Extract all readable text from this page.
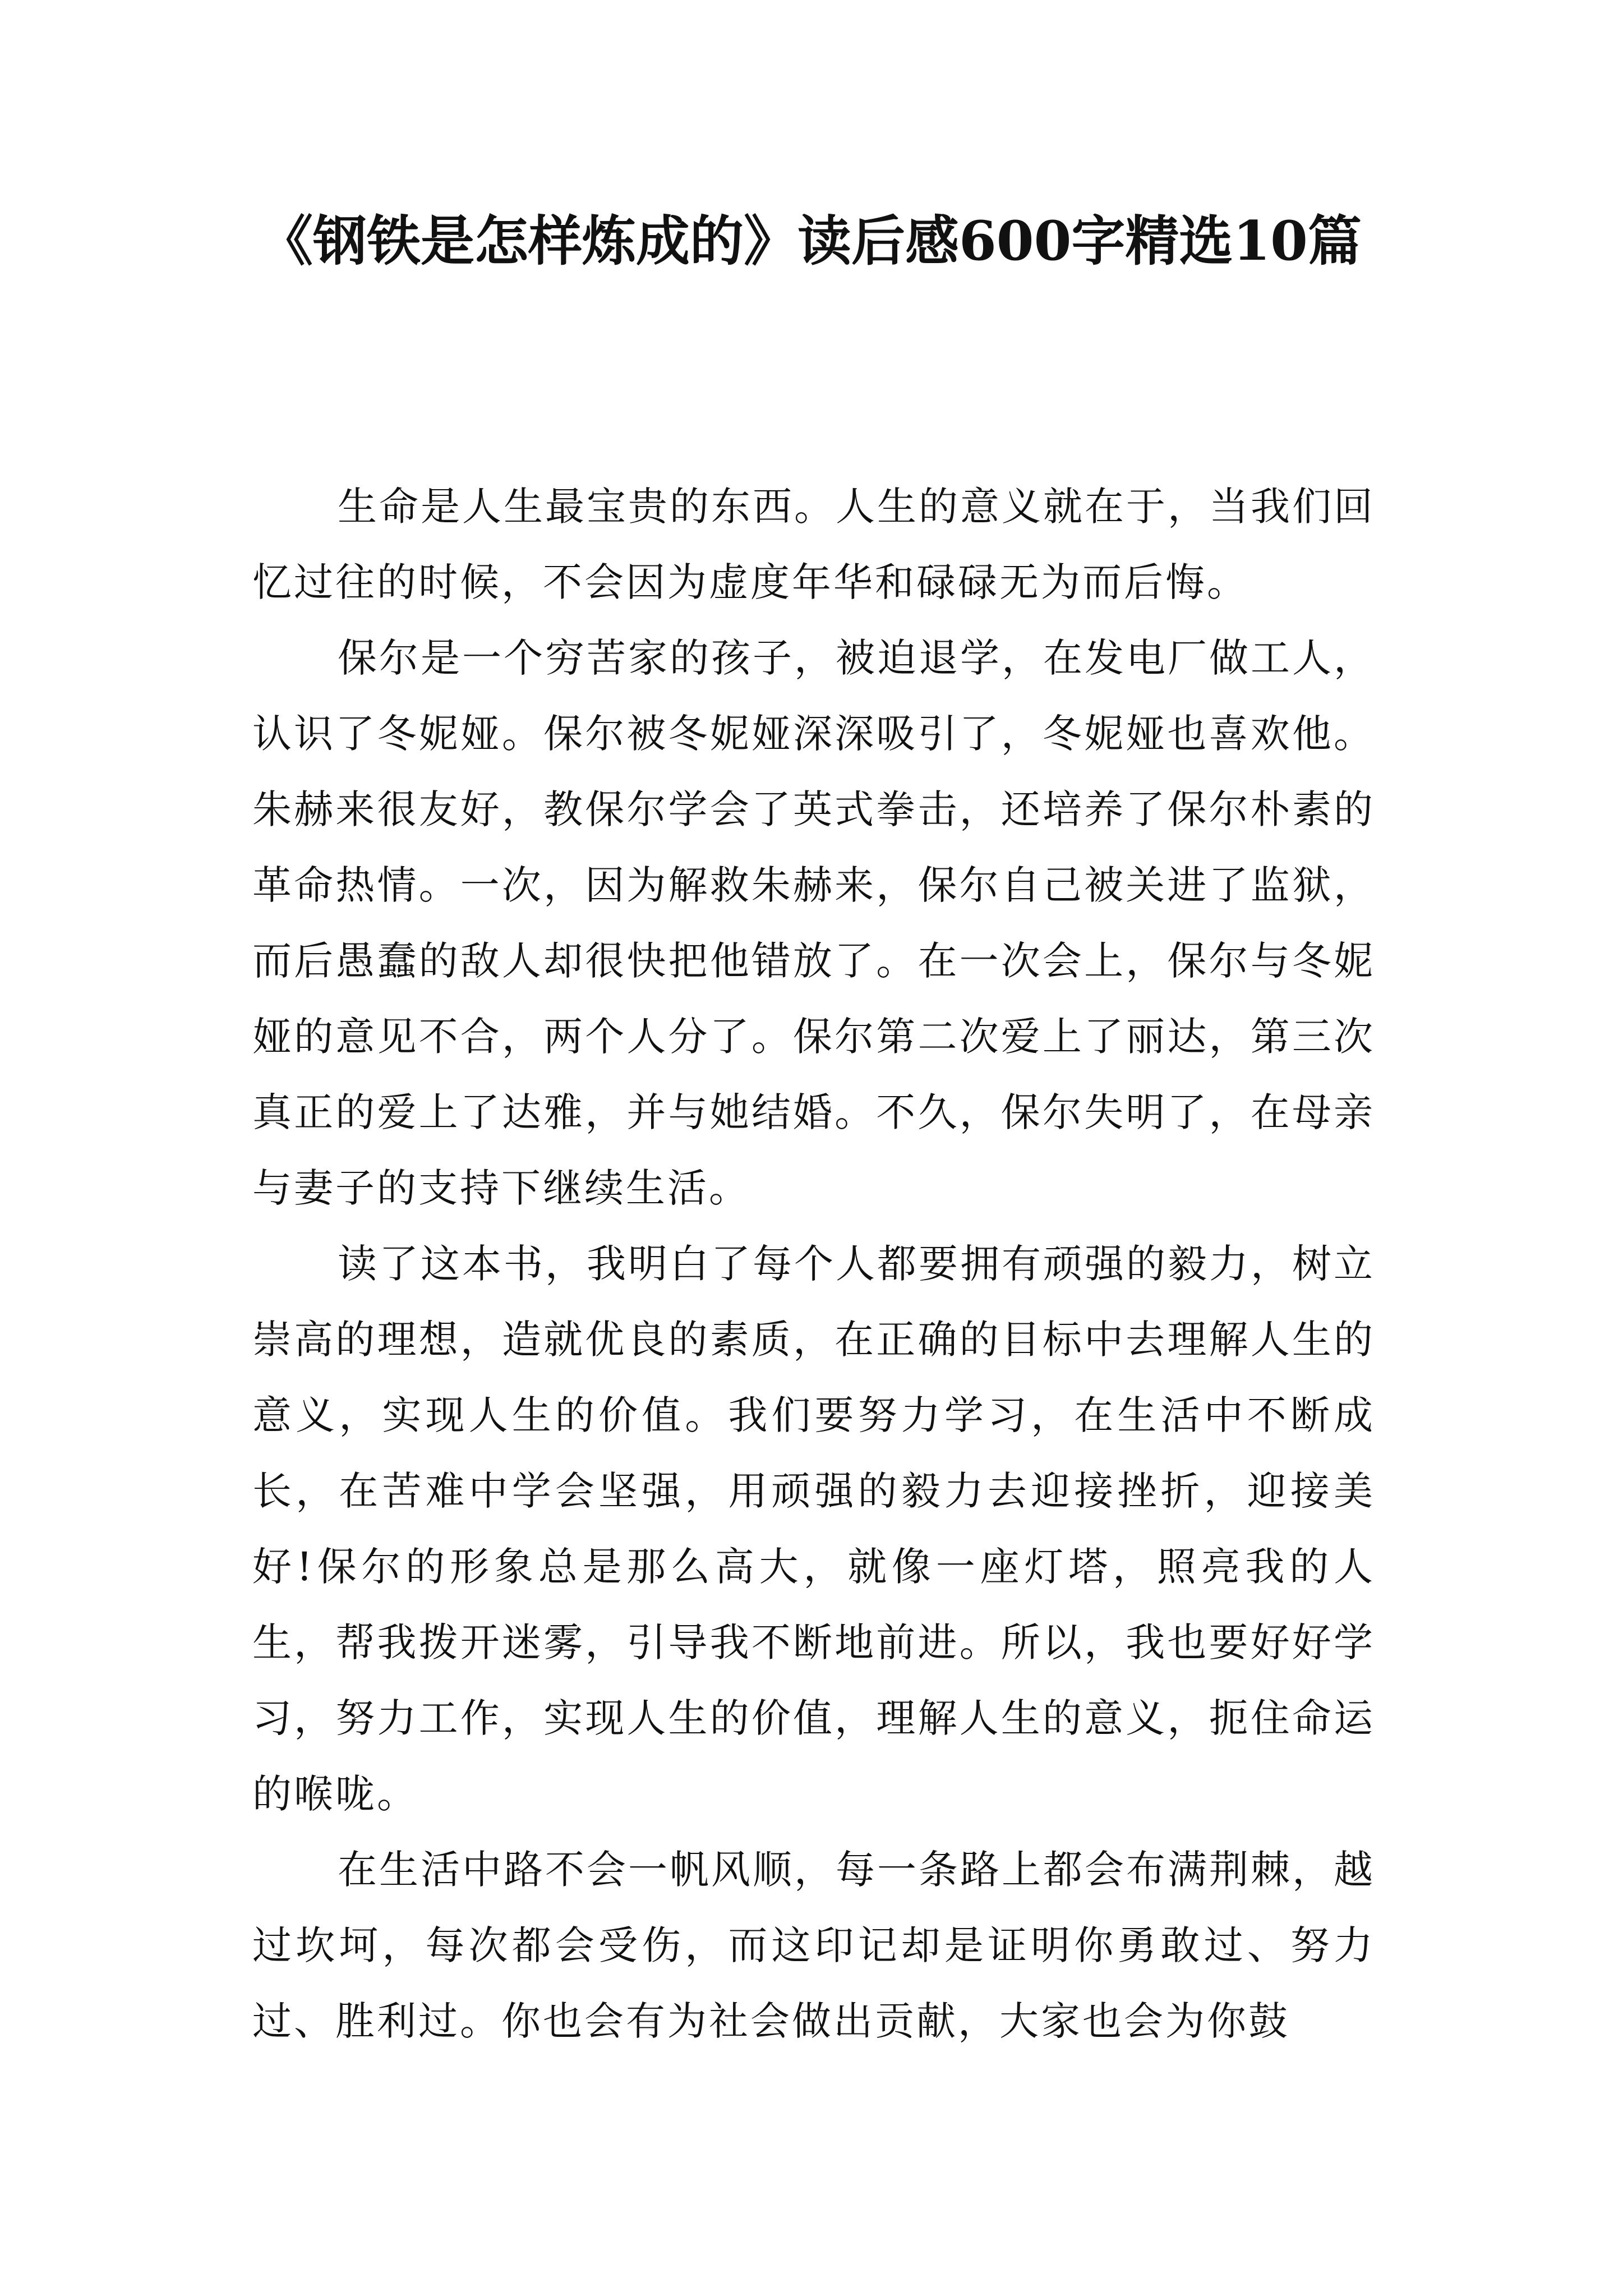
《钢铁是怎样炼成的》读后感600字精选10篇

生命是人生最宝贵的东西。人生的意义就在于，当我们回忆过往的时候，不会因为虚度年华和碌碌无为而后悔。

保尔是一个穷苦家的孩子，被迫退学，在发电厂做工人，认识了冬妮娅。保尔被冬妮娅深深吸引了，冬妮娅也喜欢他。朱赫来很友好，教保尔学会了英式拳击，还培养了保尔朴素的革命热情。一次，因为解救朱赫来，保尔自己被关进了监狱，而后愚蠢的敌人却很快把他错放了。在一次会上，保尔与冬妮娅的意见不合，两个人分了。保尔第二次爱上了丽达，第三次真正的爱上了达雅，并与她结婚。不久，保尔失明了，在母亲与妻子的支持下继续生活。

读了这本书，我明白了每个人都要拥有顽强的毅力，树立崇高的理想，造就优良的素质，在正确的目标中去理解人生的意义，实现人生的价值。我们要努力学习，在生活中不断成长，在苦难中学会坚强，用顽强的毅力去迎接挫折，迎接美好!保尔的形象总是那么高大，就像一座灯塔，照亮我的人生，帮我拨开迷雾，引导我不断地前进。所以，我也要好好学习，努力工作，实现人生的价值，理解人生的意义，扼住命运的喉咙。

在生活中路不会一帆风顺，每一条路上都会布满荆棘，越过坎坷，每次都会受伤，而这印记却是证明你勇敢过、努力过、胜利过。你也会有为社会做出贡献，大家也会为你鼓
